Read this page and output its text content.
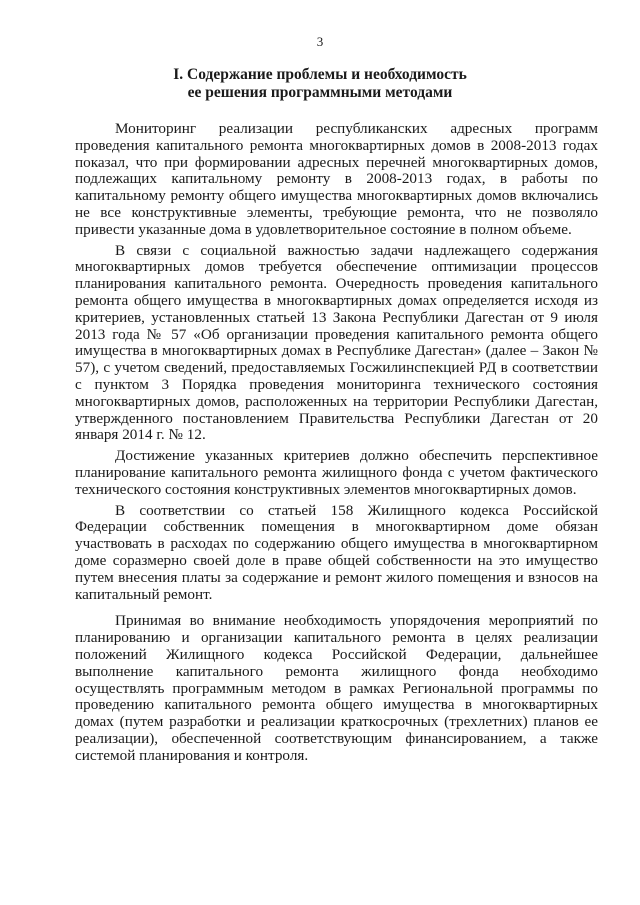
3
I. Содержание проблемы и необходимость
ее решения программными методами

Мониторинг реализации республиканских адресных программ проведения капитального ремонта многоквартирных домов в 2008-2013 годах показал, что при формировании адресных перечней многоквартирных домов, подлежащих капитальному ремонту в 2008-2013 годах, в работы по капитальному ремонту общего имущества многоквартирных домов включались не все конструктивные элементы, требующие ремонта, что не позволяло привести указанные дома в удовлетворительное состояние в полном объеме.

В связи с социальной важностью задачи надлежащего содержания многоквартирных домов требуется обеспечение оптимизации процессов планирования капитального ремонта. Очередность проведения капитального ремонта общего имущества в многоквартирных домах определяется исходя из критериев, установленных статьей 13 Закона Республики Дагестан от 9 июля 2013 года № 57 «Об организации проведения капитального ремонта общего имущества в многоквартирных домах в Республике Дагестан» (далее – Закон № 57), с учетом сведений, предоставляемых Госжилинспекцией РД в соответствии с пунктом 3 Порядка проведения мониторинга технического состояния многоквартирных домов, расположенных на территории Республики Дагестан, утвержденного постановлением Правительства Республики Дагестан от 20 января 2014 г. № 12.

Достижение указанных критериев должно обеспечить перспективное планирование капитального ремонта жилищного фонда с учетом фактического технического состояния конструктивных элементов многоквартирных домов.

В соответствии со статьей 158 Жилищного кодекса Российской Федерации собственник помещения в многоквартирном доме обязан участвовать в расходах по содержанию общего имущества в многоквартирном доме соразмерно своей доле в праве общей собственности на это имущество путем внесения платы за содержание и ремонт жилого помещения и взносов на капитальный ремонт.

Принимая во внимание необходимость упорядочения мероприятий по планированию и организации капитального ремонта в целях реализации положений Жилищного кодекса Российской Федерации, дальнейшее выполнение капитального ремонта жилищного фонда необходимо осуществлять программным методом в рамках Региональной программы по проведению капитального ремонта общего имущества в многоквартирных домах (путем разработки и реализации краткосрочных (трехлетних) планов ее реализации), обеспеченной соответствующим финансированием, а также системой планирования и контроля.
